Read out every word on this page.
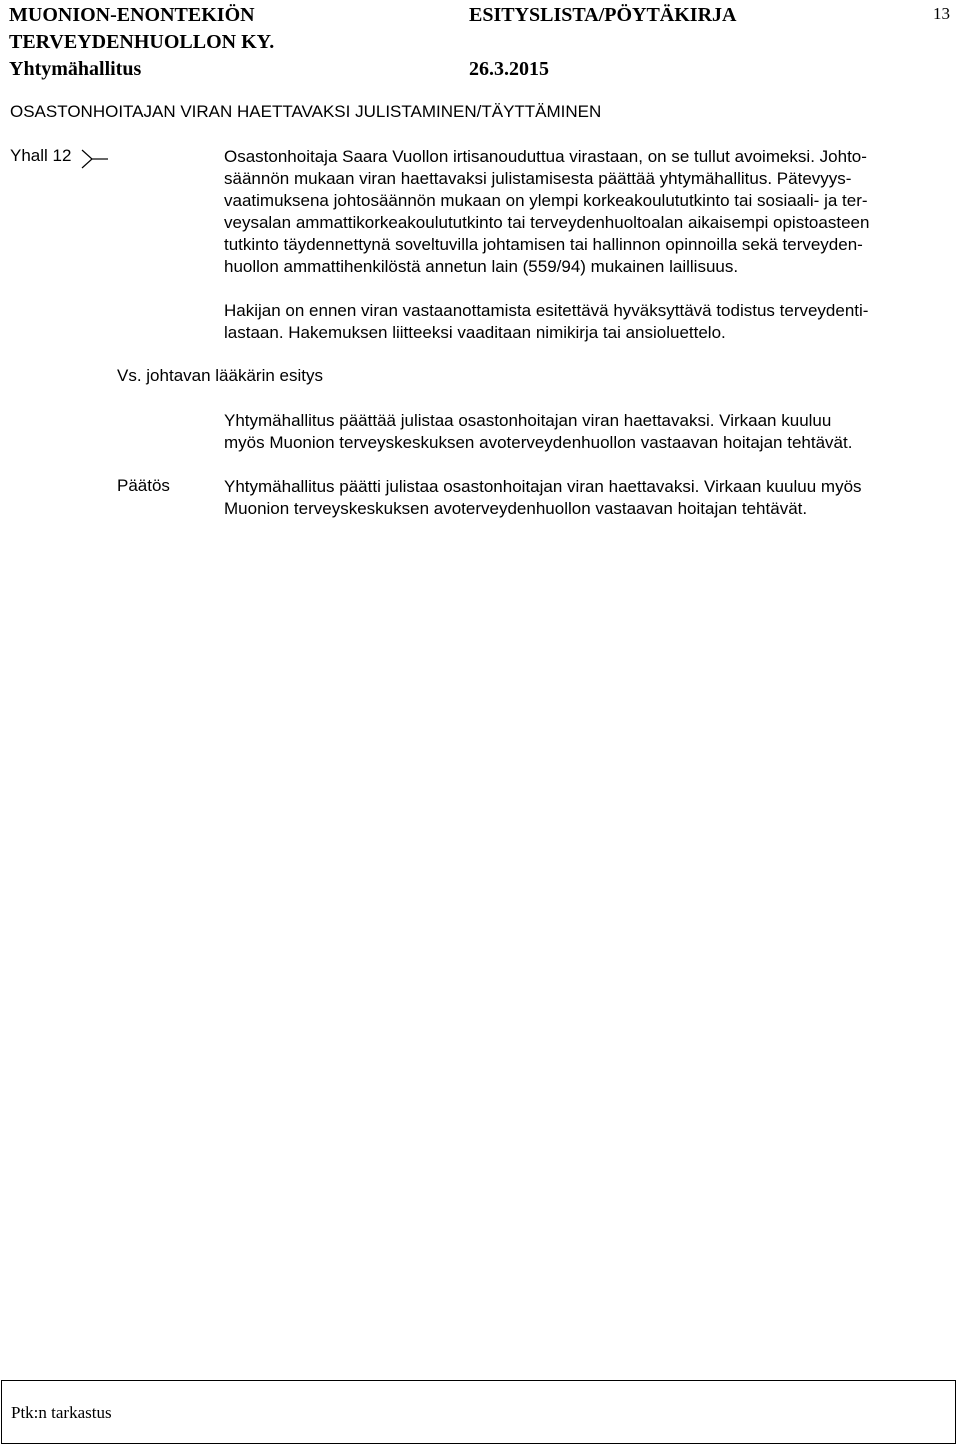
MUONION-ENONTEKIÖN
TERVEYDENHUOLLON KY.
Yhtymähallitus
ESITYSLISTA/PÖYTÄKIRJA
26.3.2015
13
OSASTONHOITAJAN VIRAN HAETTAVAKSI JULISTAMINEN/TÄYTTÄMINEN
Yhall 12	Osastonhoitaja Saara Vuollon irtisanouduttua virastaan, on se tullut avoimeksi. Johto-

säännön mukaan viran haettavaksi julistamisesta päättää yhtymähallitus. Pätevyys-

vaatimuksena johtosäännön mukaan on ylempi korkeakoulututkinto tai sosiaali- ja ter-

veysalan ammattikorkeakoulututkinto tai terveydenhuoltoalan aikaisempi opistoasteen

tutkinto täydennettynä soveltuvilla johtamisen tai hallinnon opinnoilla sekä terveyden-

huollon ammattihenkilöstä annetun lain (559/94) mukainen laillisuus.

Hakijan on ennen viran vastaanottamista esitettävä hyväksyttävä todistus terveydenti-

lastaan. Hakemuksen liitteeksi vaaditaan nimikirja tai ansioluettelo.

Vs. johtavan lääkärin esitys

Yhtymähallitus päättää julistaa osastonhoitajan viran haettavaksi. Virkaan kuuluu

myös Muonion terveyskeskuksen avoterveydenhuollon vastaavan hoitajan tehtävät.

Päätös	Yhtymähallitus päätti julistaa osastonhoitajan viran haettavaksi. Virkaan kuuluu myös

Muonion terveyskeskuksen avoterveydenhuollon vastaavan hoitajan tehtävät.

Ptk:n tarkastus
